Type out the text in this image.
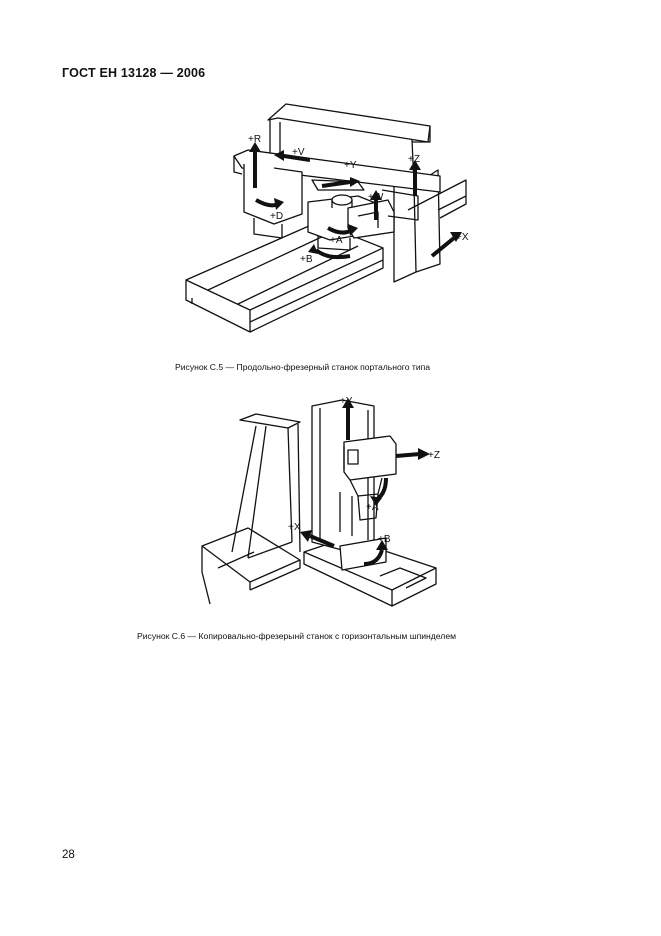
ГОСТ ЕН 13128 — 2006
+R
+V
+Y
+Z
+W
+D
+A
+B
+X
Рисунок С.5 — Продольно-фрезерный станок портального типа
+Y
+Z
+A
+X
+B
Рисунок С.6 — Копировально-фрезерынй станок с горизонтальным шпинделем
28
